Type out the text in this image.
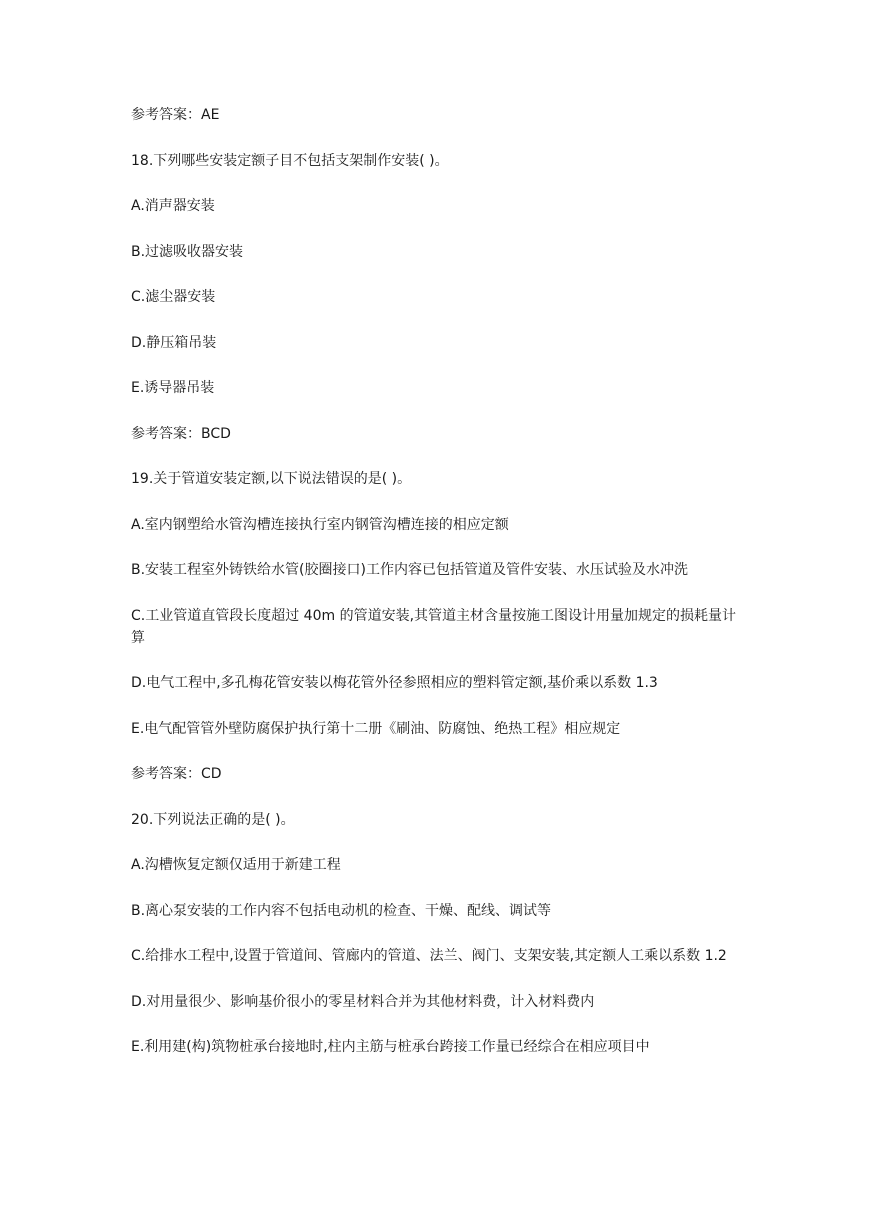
参考答案：AE

18.下列哪些安装定额子目不包括支架制作安装( )。

A.消声器安装

B.过滤吸收器安装

C.滤尘器安装

D.静压箱吊装

E.诱导器吊装

参考答案：BCD

19.关于管道安装定额,以下说法错误的是( )。

A.室内钢塑给水管沟槽连接执行室内钢管沟槽连接的相应定额

B.安装工程室外铸铁给水管(胶圈接口)工作内容已包括管道及管件安装、水压试验及水冲洗

C.工业管道直管段长度超过 40m 的管道安装,其管道主材含量按施工图设计用量加规定的损耗量计算

D.电气工程中,多孔梅花管安装以梅花管外径参照相应的塑料管定额,基价乘以系数 1.3

E.电气配管管外壁防腐保护执行第十二册《刷油、防腐蚀、绝热工程》相应规定

参考答案：CD

20.下列说法正确的是( )。

A.沟槽恢复定额仅适用于新建工程

B.离心泵安装的工作内容不包括电动机的检查、干燥、配线、调试等

C.给排水工程中,设置于管道间、管廊内的管道、法兰、阀门、支架安装,其定额人工乘以系数 1.2

D.对用量很少、影响基价很小的零星材料合并为其他材料费，计入材料费内

E.利用建(构)筑物桩承台接地时,柱内主筋与桩承台跨接工作量已经综合在相应项目中
